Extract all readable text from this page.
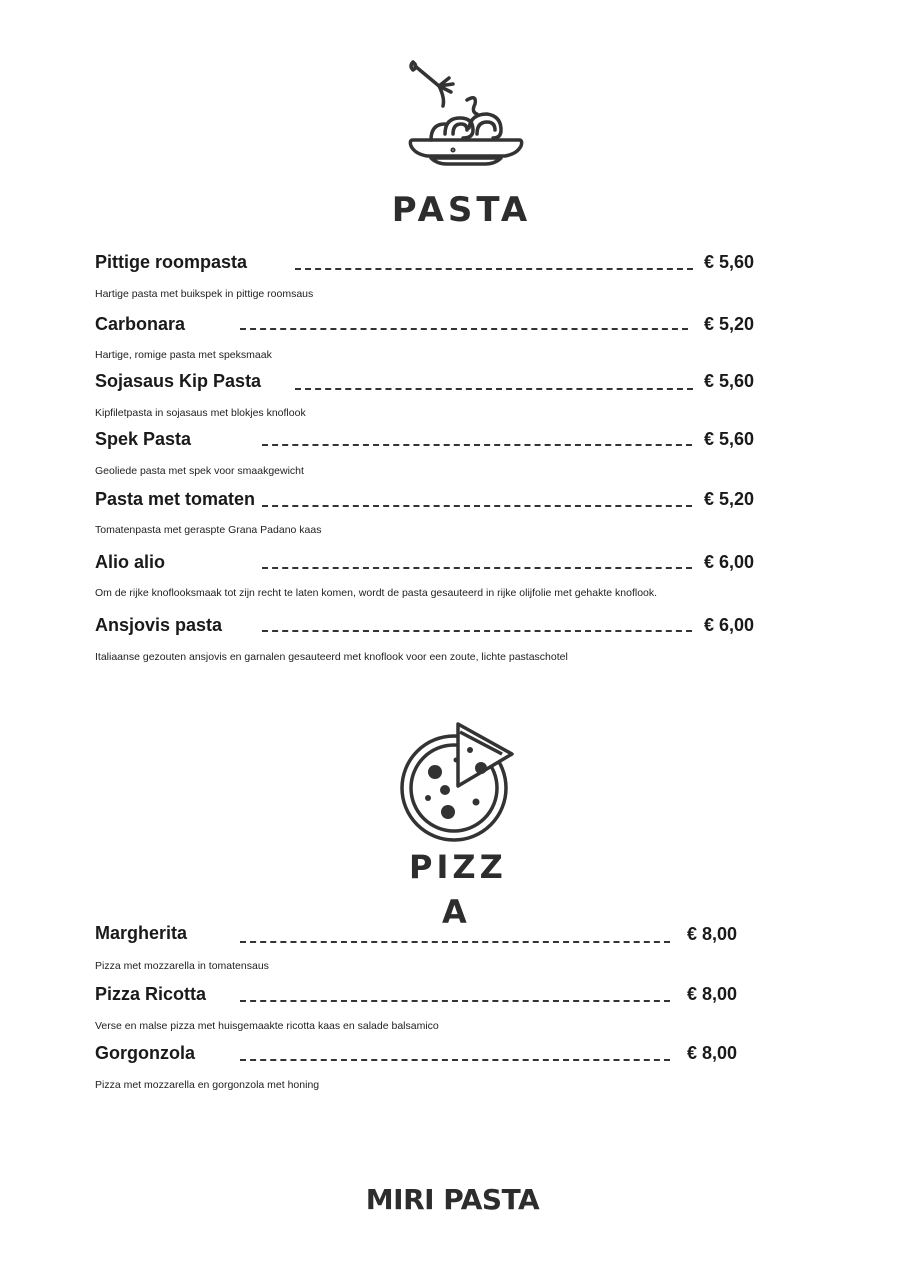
PASTA
Pittige roompasta	€ 5,60
Hartige pasta met buikspek in pittige roomsaus
Carbonara	€ 5,20
Hartige, romige pasta met speksmaak
Sojasaus Kip Pasta	€ 5,60
Kipfiletpasta in sojasaus met blokjes knoflook
Spek Pasta	€ 5,60
Geoliede pasta met spek voor smaakgewicht
Pasta met tomaten	€ 5,20
Tomatenpasta met geraspte Grana Padano kaas
Alio alio	€ 6,00
Om de rijke knoflooksmaak tot zijn recht te laten komen, wordt de pasta gesauteerd in rijke olijfolie met gehakte knoflook.
Ansjovis pasta	€ 6,00
Italiaanse gezouten ansjovis en garnalen gesauteerd met knoflook voor een zoute, lichte pastaschotel
PIZZ
A
Margherita	€ 8,00
Pizza met mozzarella in tomatensaus
Pizza Ricotta	€ 8,00
Verse en malse pizza met huisgemaakte ricotta kaas en salade balsamico
Gorgonzola	€ 8,00
Pizza met mozzarella en gorgonzola met honing
MIRI PASTA
